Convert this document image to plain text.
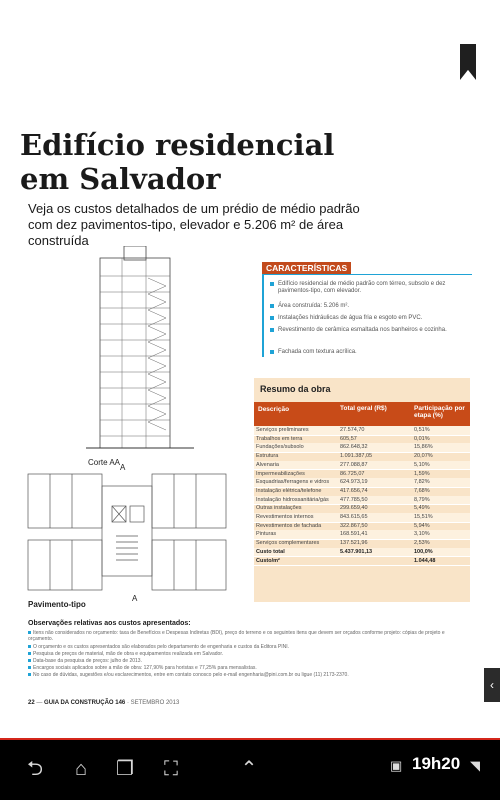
Edifício residencial
em Salvador
Veja os custos detalhados de um prédio de médio padrão com dez pavimentos-tipo, elevador e 5.206 m² de área construída
Corte AA
A
A
Pavimento-tipo
CARACTERÍSTICAS
Edifício residencial de médio padrão com térreo, subsolo e dez pavimentos-tipo, com elevador.
Área construída: 5.206 m².
Instalações hidráulicas de água fria e esgoto em PVC.
Revestimento de cerâmica esmaltada nos banheiros e cozinha.
Fachada com textura acrílica.
Resumo da obra
Descrição	Total geral (R$)	Participação por etapa (%)
Serviços preliminares	27.574,70	0,51%
Trabalhos em terra	605,57	0,01%
Fundações/subsolo	862.648,32	15,86%
Estrutura	1.091.387,05	20,07%
Alvenaria	277.088,87	5,10%
Impermeabilizações	86.725,07	1,59%
Esquadrias/ferragens e vidros 624.973,19	7,82%
Instalação elétrica/telefone	417.656,74	7,68%
Instalação hidrossanitária/gás 477.785,50	8,79%
Outras instalações	299.659,40	5,49%
Revestimentos internos	843.615,65	15,51%
Revestimentos de fachada	322.867,50	5,94%
Pinturas	168.591,41	3,10%
Serviços complementares	137.521,96	2,53%
Custo total	5.437.901,13	100,0%
Custo/m²	1.044,48
Observações relativas aos custos apresentados:
Itens não considerados no orçamento: taxa de Benefícios e Despesas Indiretas (BDI), preço do terreno e os seguintes itens que devem ser orçados conforme projeto: cópias de projeto e orçamento.
O orçamento e os custos apresentados são elaborados pelo departamento de engenharia e custos da Editora PINI.
Pesquisa de preços de material, mão de obra e equipamentos realizada em Salvador.
Data-base da pesquisa de preços: julho de 2013.
Encargos sociais aplicados sobre a mão de obra: 127,90% para horistas e 77,25% para mensalistas.
No caso de dúvidas, sugestões e/ou esclarecimentos, entre em contato conosco pelo e-mail engenharia@pini.com.br ou ligue (11) 2173-2370.
22 — GUIA DA CONSTRUÇÃO 146 · SETEMBRO 2013
‹
⮌	⌂	❐	⛶	⌃	▣ 19h20 ◥
